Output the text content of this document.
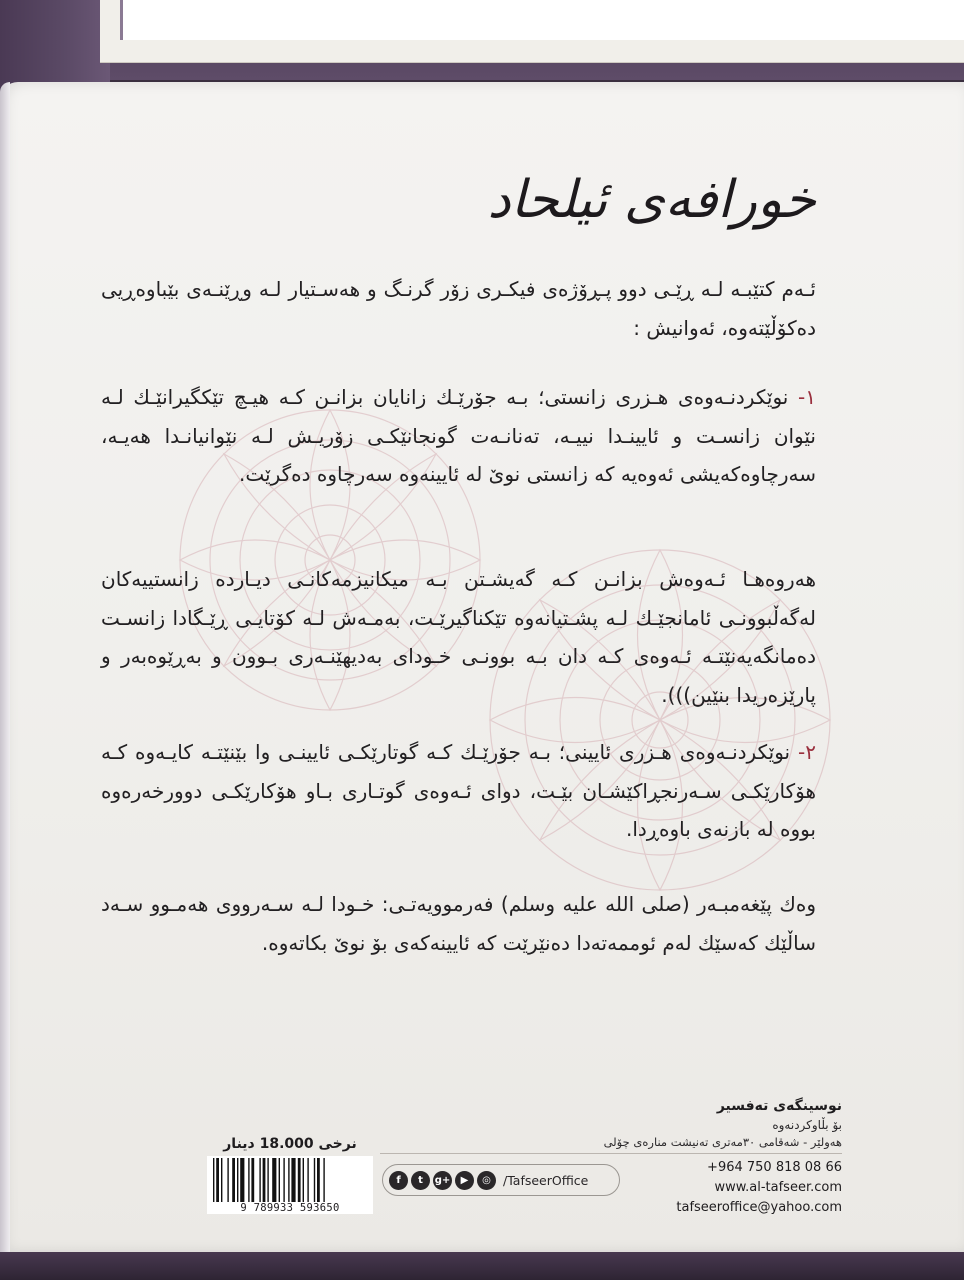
خورافەی ئیلحاد
ئـەم کتێبـە لـە ڕێـی دوو پـڕۆژەی فیکـری زۆر گرنـگ و هەسـتیار لـە وڕێنـەی بێباوەڕیی دەکۆڵێتەوە، ئەوانیش :
١- نوێکردنـەوەی هـزری زانستی؛ بـە جۆرێـك زانایان بزانـن کـە هیـچ تێکگیرانێـك لـە نێوان زانسـت و ئایینـدا نییـە، تەنانـەت گونجانێکـی زۆریـش لـە نێوانیانـدا هەیـە، سەرچاوەکەیشی ئەوەیە کە زانستی نوێ لە ئایینەوە سەرچاوە دەگرێت.
هەروەهـا ئـەوەش بزانـن کـە گەیشـتن بـە میکانیزمەکانـی دیـاردە زانستییەکان لەگەڵبوونـی ئامانجێـك لـە پشـتیانەوە تێکناگیرێـت، بەمـەش لـە کۆتایـی ڕێـگادا زانسـت دەمانگەیەنێتـە ئـەوەی کـە دان بـە بوونـی خـودای بەدیهێنـەری بـوون و بەڕێوەبەر و پارێزەریدا بنێین))).
٢- نوێکردنـەوەی هـزری ئایینی؛ بـە جۆرێـك کـە گوتارێکـی ئایینـی وا بێنێتـە کایـەوە کـە هۆکارێکـی سـەرنجڕاکێشـان بێـت، دوای ئـەوەی گوتـاری بـاو هۆکارێکـی دوورخەرەوە بووە لە بازنەی باوەڕدا.
وەك پێغەمبـەر (صلی الله علیه وسلم) فەرموویەتـی: خـودا لـە سـەرووی هەمـوو سـەد ساڵێك کەسێك لەم ئوممەتەدا دەنێرێت کە ئایینەکەی بۆ نوێ بکاتەوە.
نوسینگەی تەفسیر
بۆ بڵاوکردنەوە
هەولێر - شەقامی ٣٠مەتری تەنیشت منارەی چۆلی
+964 750 818 08 66
www.al-tafseer.com
tafseeroffice@yahoo.com
f	t	g+	▶	◎ /TafseerOffice
نرخی 18.000 دینار
9 789933 593650
